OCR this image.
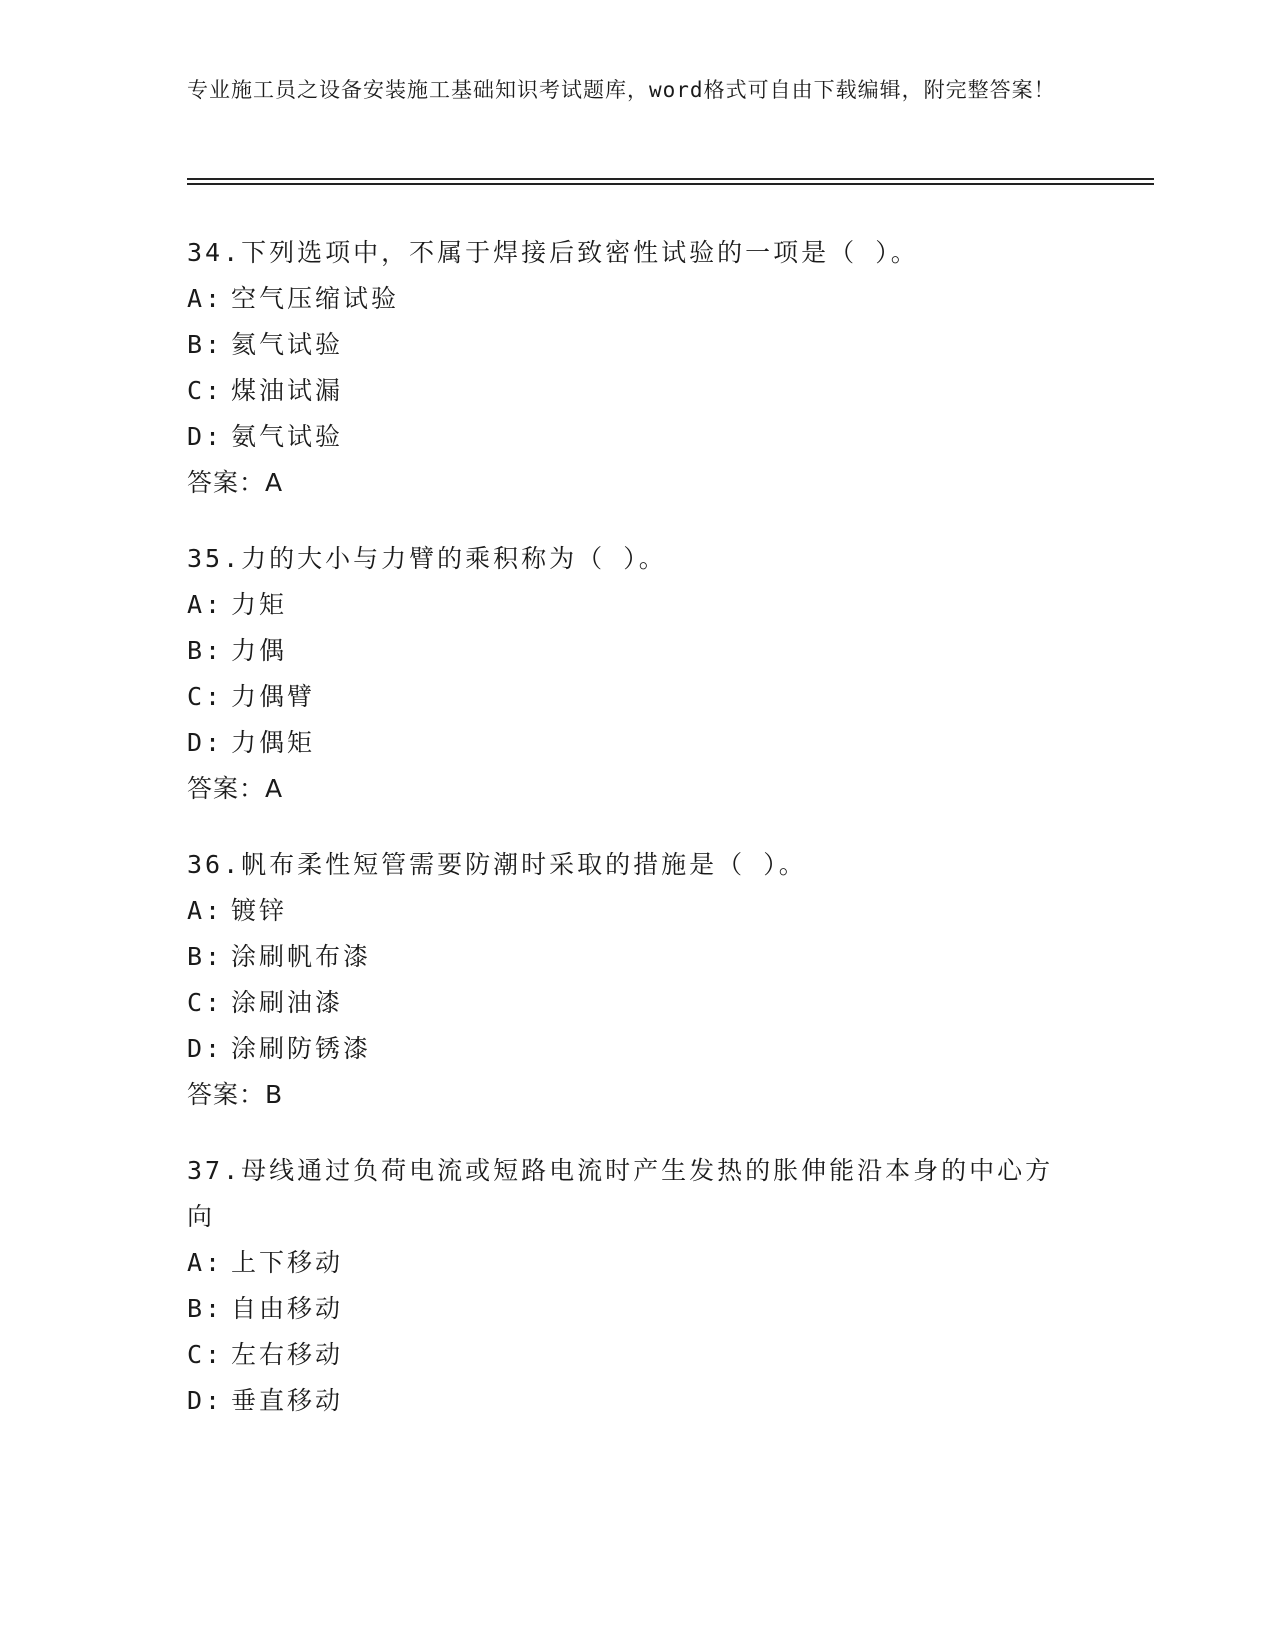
专业施工员之设备安装施工基础知识考试题库，word格式可自由下载编辑，附完整答案！
34.下列选项中，不属于焊接后致密性试验的一项是（ ）。
A: 空气压缩试验
B: 氦气试验
C: 煤油试漏
D: 氨气试验
答案：A
35.力的大小与力臂的乘积称为（ ）。
A: 力矩
B: 力偶
C: 力偶臂
D: 力偶矩
答案：A
36.帆布柔性短管需要防潮时采取的措施是（ ）。
A: 镀锌
B: 涂刷帆布漆
C: 涂刷油漆
D: 涂刷防锈漆
答案：B
37.母线通过负荷电流或短路电流时产生发热的胀伸能沿本身的中心方向
A: 上下移动
B: 自由移动
C: 左右移动
D: 垂直移动
